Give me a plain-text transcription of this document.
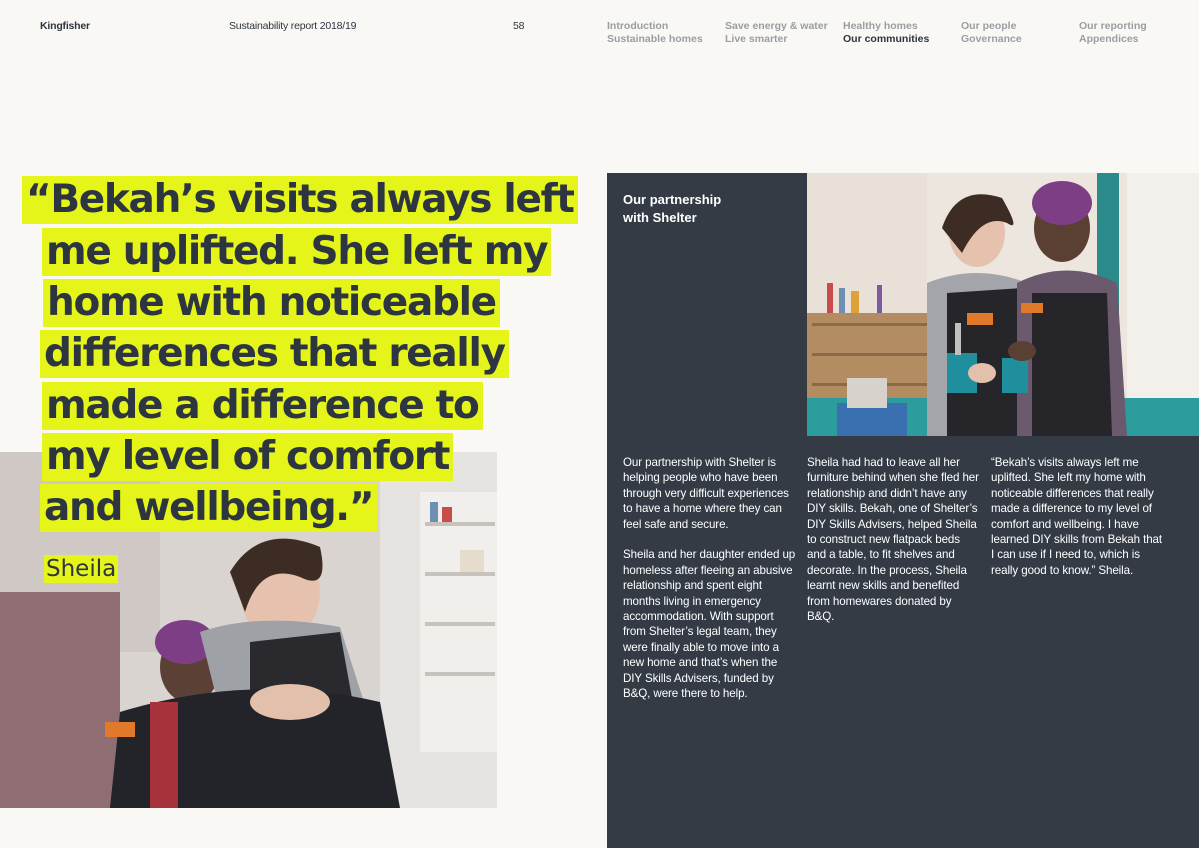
Kingfisher	Sustainability report 2018/19	58	Introduction
Sustainable homes
Save energy & water
Live smarter
Healthy homes
Our communities
Our people
Governance
Our reporting
Appendices
“Bekah’s visits always left
me uplifted. She left my
home with noticeable
differences that really
made a difference to
my level of comfort
and wellbeing.”
Sheila
Our partnership
with Shelter

Our partnership with Shelter is helping people who have been through very difficult experiences to have a home where they can feel safe and secure.

Sheila and her daughter ended up homeless after fleeing an abusive relationship and spent eight months living in emergency accommodation. With support from Shelter’s legal team, they were finally able to move into a new home and that’s when the DIY Skills Advisers, funded by B&Q, were there to help.

Sheila had had to leave all her furniture behind when she fled her relationship and didn’t have any DIY skills. Bekah, one of Shelter’s DIY Skills Advisers, helped Sheila to construct new flatpack beds and a table, to fit shelves and decorate. In the process, Sheila learnt new skills and benefited from homewares donated by B&Q.

“Bekah’s visits always left me uplifted. She left my home with noticeable differences that really made a difference to my level of comfort and wellbeing. I have learned DIY skills from Bekah that I can use if I need to, which is really good to know.” Sheila.
